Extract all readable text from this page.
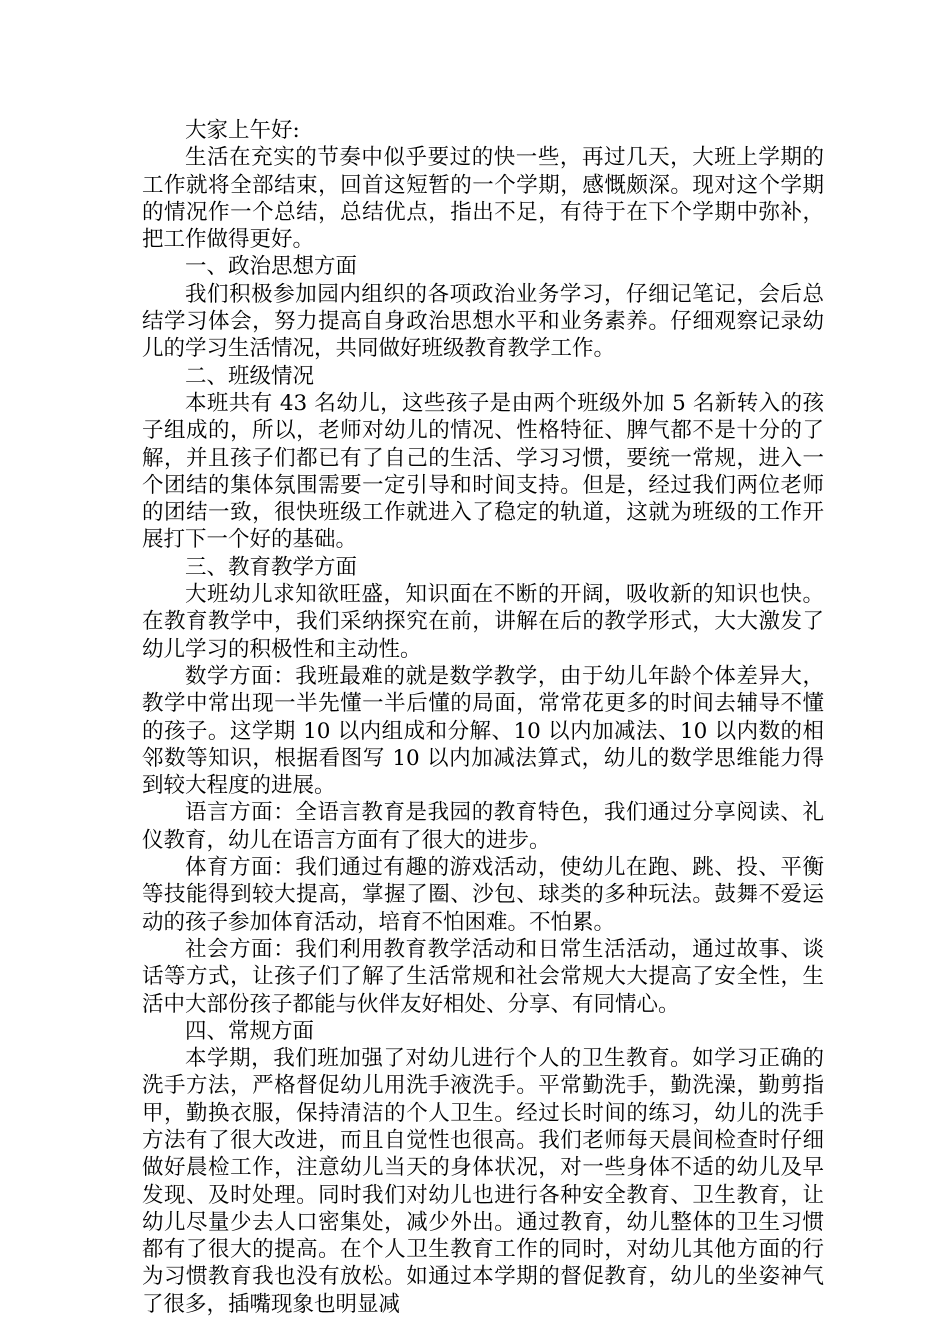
大家上午好:

生活在充实的节奏中似乎要过的快一些，再过几天，大班上学期的工作就将全部结束，回首这短暂的一个学期，感慨颇深。现对这个学期的情况作一个总结，总结优点，指出不足，有待于在下个学期中弥补，把工作做得更好。

一、政治思想方面

我们积极参加园内组织的各项政治业务学习，仔细记笔记，会后总结学习体会，努力提高自身政治思想水平和业务素养。仔细观察记录幼儿的学习生活情况，共同做好班级教育教学工作。

二、班级情况

本班共有 43 名幼儿，这些孩子是由两个班级外加 5 名新转入的孩子组成的，所以，老师对幼儿的情况、性格特征、脾气都不是十分的了解，并且孩子们都已有了自己的生活、学习习惯，要统一常规，进入一个团结的集体氛围需要一定引导和时间支持。但是，经过我们两位老师的团结一致，很快班级工作就进入了稳定的轨道，这就为班级的工作开展打下一个好的基础。

三、教育教学方面

大班幼儿求知欲旺盛，知识面在不断的开阔，吸收新的知识也快。在教育教学中，我们采纳探究在前，讲解在后的教学形式，大大激发了幼儿学习的积极性和主动性。

数学方面：我班最难的就是数学教学，由于幼儿年龄个体差异大，教学中常出现一半先懂一半后懂的局面，常常花更多的时间去辅导不懂的孩子。这学期 10 以内组成和分解、10 以内加减法、10 以内数的相邻数等知识，根据看图写 10 以内加减法算式，幼儿的数学思维能力得到较大程度的进展。

语言方面：全语言教育是我园的教育特色，我们通过分享阅读、礼仪教育，幼儿在语言方面有了很大的进步。

体育方面：我们通过有趣的游戏活动，使幼儿在跑、跳、投、平衡等技能得到较大提高，掌握了圈、沙包、球类的多种玩法。鼓舞不爱运动的孩子参加体育活动，培育不怕困难。不怕累。

社会方面：我们利用教育教学活动和日常生活活动，通过故事、谈话等方式，让孩子们了解了生活常规和社会常规大大提高了安全性，生活中大部份孩子都能与伙伴友好相处、分享、有同情心。

四、常规方面

本学期，我们班加强了对幼儿进行个人的卫生教育。如学习正确的洗手方法，严格督促幼儿用洗手液洗手。平常勤洗手，勤洗澡，勤剪指甲，勤换衣服，保持清洁的个人卫生。经过长时间的练习，幼儿的洗手方法有了很大改进，而且自觉性也很高。我们老师每天晨间检查时仔细做好晨检工作，注意幼儿当天的身体状况，对一些身体不适的幼儿及早发现、及时处理。同时我们对幼儿也进行各种安全教育、卫生教育，让幼儿尽量少去人口密集处，减少外出。通过教育，幼儿整体的卫生习惯都有了很大的提高。在个人卫生教育工作的同时，对幼儿其他方面的行为习惯教育我也没有放松。如通过本学期的督促教育，幼儿的坐姿神气了很多，插嘴现象也明显减
